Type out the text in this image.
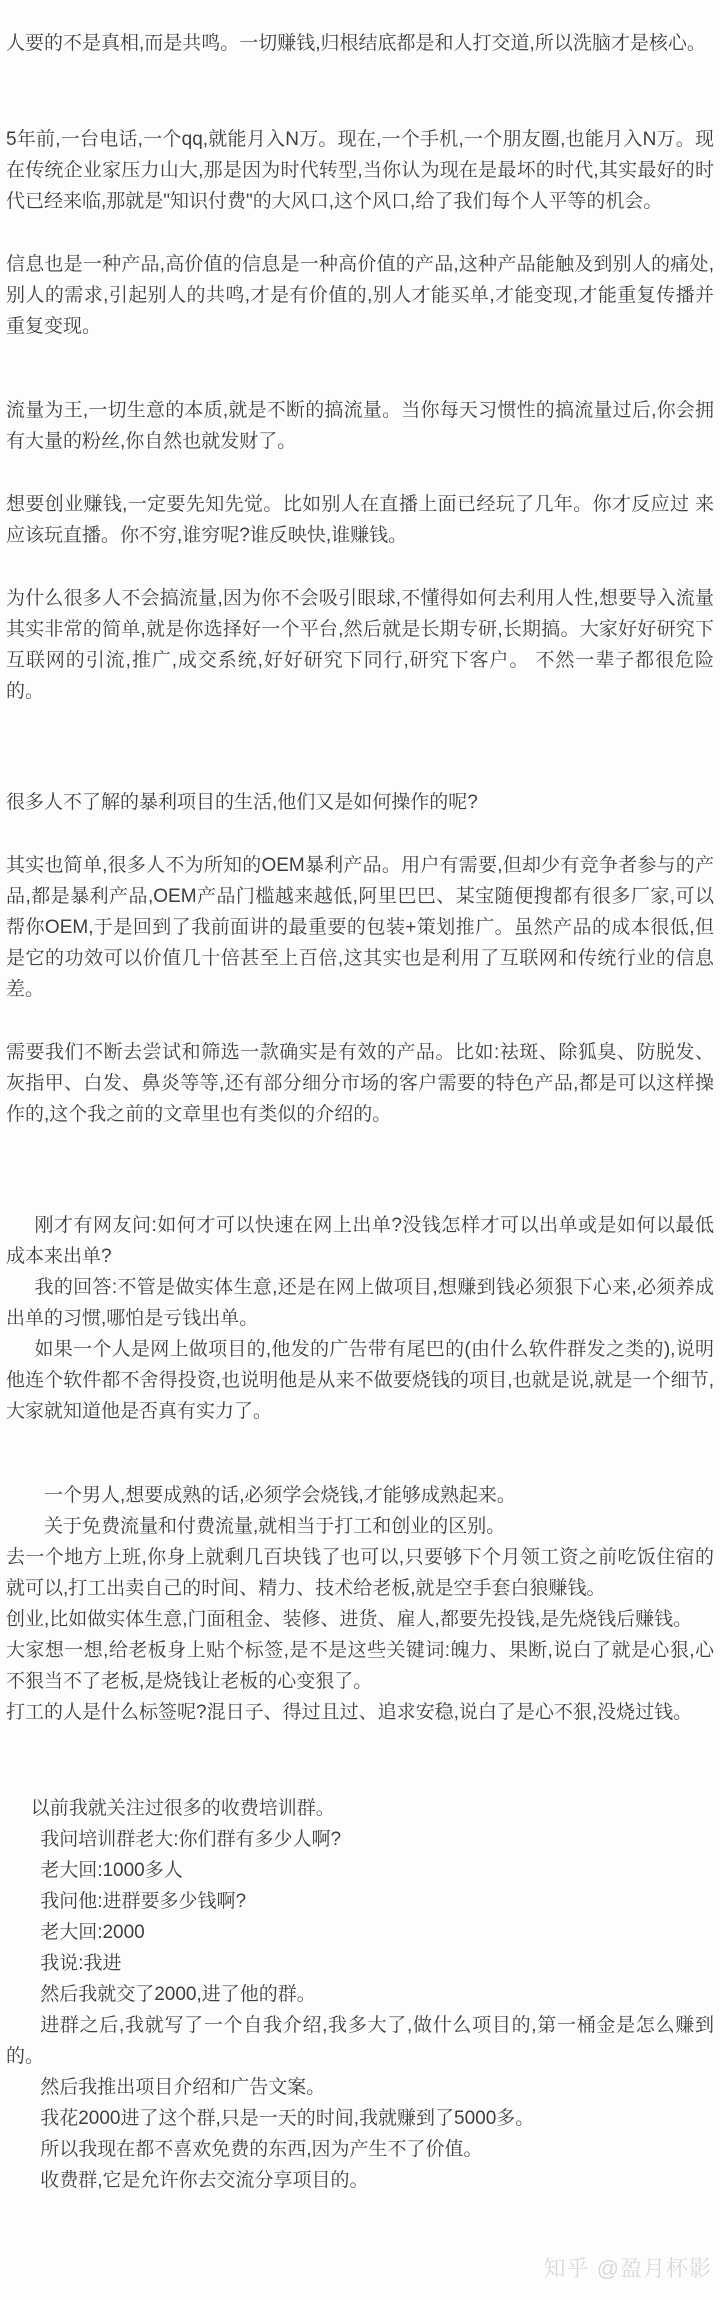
人要的不是真相,而是共鸣。一切赚钱,归根结底都是和人打交道,所以洗脑才是核心。

5年前,一台电话,一个qq,就能月入N万。现在,一个手机,一个朋友圈,也能月入N万。现在传统企业家压力山大,那是因为时代转型,当你认为现在是最坏的时代,其实最好的时代已经来临,那就是"知识付费"的大风口,这个风口,给了我们每个人平等的机会。

信息也是一种产品,高价值的信息是一种高价值的产品,这种产品能触及到别人的痛处,别人的需求,引起别人的共鸣,才是有价值的,别人才能买单,才能变现,才能重复传播并重复变现。

流量为王,一切生意的本质,就是不断的搞流量。当你每天习惯性的搞流量过后,你会拥有大量的粉丝,你自然也就发财了。

想要创业赚钱,一定要先知先觉。比如别人在直播上面已经玩了几年。你才反应过 来应该玩直播。你不穷,谁穷呢?谁反映快,谁赚钱。

为什么很多人不会搞流量,因为你不会吸引眼球,不懂得如何去利用人性,想要导入流量其实非常的简单,就是你选择好一个平台,然后就是长期专研,长期搞。大家好好研究下互联网的引流,推广,成交系统,好好研究下同行,研究下客户。 不然一辈子都很危险的。

很多人不了解的暴利项目的生活,他们又是如何操作的呢?

其实也简单,很多人不为所知的OEM暴利产品。用户有需要,但却少有竞争者参与的产品,都是暴利产品,OEM产品门槛越来越低,阿里巴巴、某宝随便搜都有很多厂家,可以帮你OEM,于是回到了我前面讲的最重要的包装+策划推广。虽然产品的成本很低,但是它的功效可以价值几十倍甚至上百倍,这其实也是利用了互联网和传统行业的信息差。

需要我们不断去尝试和筛选一款确实是有效的产品。比如:祛斑、除狐臭、防脱发、灰指甲、白发、鼻炎等等,还有部分细分市场的客户需要的特色产品,都是可以这样操作的,这个我之前的文章里也有类似的介绍的。

刚才有网友问:如何才可以快速在网上出单?没钱怎样才可以出单或是如何以最低成本来出单?

我的回答:不管是做实体生意,还是在网上做项目,想赚到钱必须狠下心来,必须养成出单的习惯,哪怕是亏钱出单。

如果一个人是网上做项目的,他发的广告带有尾巴的(由什么软件群发之类的),说明他连个软件都不舍得投资,也说明他是从来不做要烧钱的项目,也就是说,就是一个细节,大家就知道他是否真有实力了。

一个男人,想要成熟的话,必须学会烧钱,才能够成熟起来。

关于免费流量和付费流量,就相当于打工和创业的区别。

去一个地方上班,你身上就剩几百块钱了也可以,只要够下个月领工资之前吃饭住宿的就可以,打工出卖自己的时间、精力、技术给老板,就是空手套白狼赚钱。

创业,比如做实体生意,门面租金、装修、进货、雇人,都要先投钱,是先烧钱后赚钱。

大家想一想,给老板身上贴个标签,是不是这些关键词:魄力、果断,说白了就是心狠,心不狠当不了老板,是烧钱让老板的心变狠了。

打工的人是什么标签呢?混日子、得过且过、追求安稳,说白了是心不狠,没烧过钱。

以前我就关注过很多的收费培训群。

我问培训群老大:你们群有多少人啊?

老大回:1000多人

我问他:进群要多少钱啊?

老大回:2000

我说:我进

然后我就交了2000,进了他的群。

进群之后,我就写了一个自我介绍,我多大了,做什么项目的,第一桶金是怎么赚到的。

然后我推出项目介绍和广告文案。

我花2000进了这个群,只是一天的时间,我就赚到了5000多。

所以我现在都不喜欢免费的东西,因为产生不了价值。

收费群,它是允许你去交流分享项目的。

知乎 @盈月杯影
